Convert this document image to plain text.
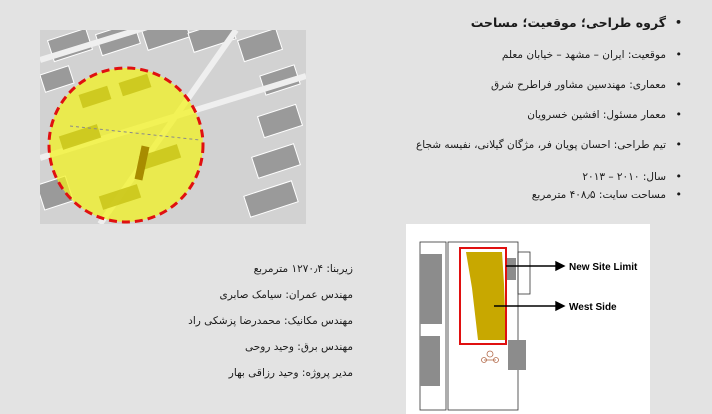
• گروه طراحی؛ موقعیت؛ مساحت
• موقعیت: ایران – مشهد – خیابان معلم
• معماری: مهندسین مشاور فراطرح شرق
• معمار مسئول: افشین خسرویان
• تیم طراحی: احسان پویان فر، مژگان گیلانی، نفیسه شجاع
• سال: ۲۰۱۰ – ۲۰۱۳
• مساحت سایت: ۴۰۸٫۵ مترمربع
زیربنا: ۱۲۷۰٫۴ مترمربع
مهندس عمران: سیامک صابری
مهندس مکانیک: محمدرضا پزشکی راد
مهندس برق: وحید روحی
مدیر پروژه: وحید رزاقی بهار
New Site Limit
West Side
